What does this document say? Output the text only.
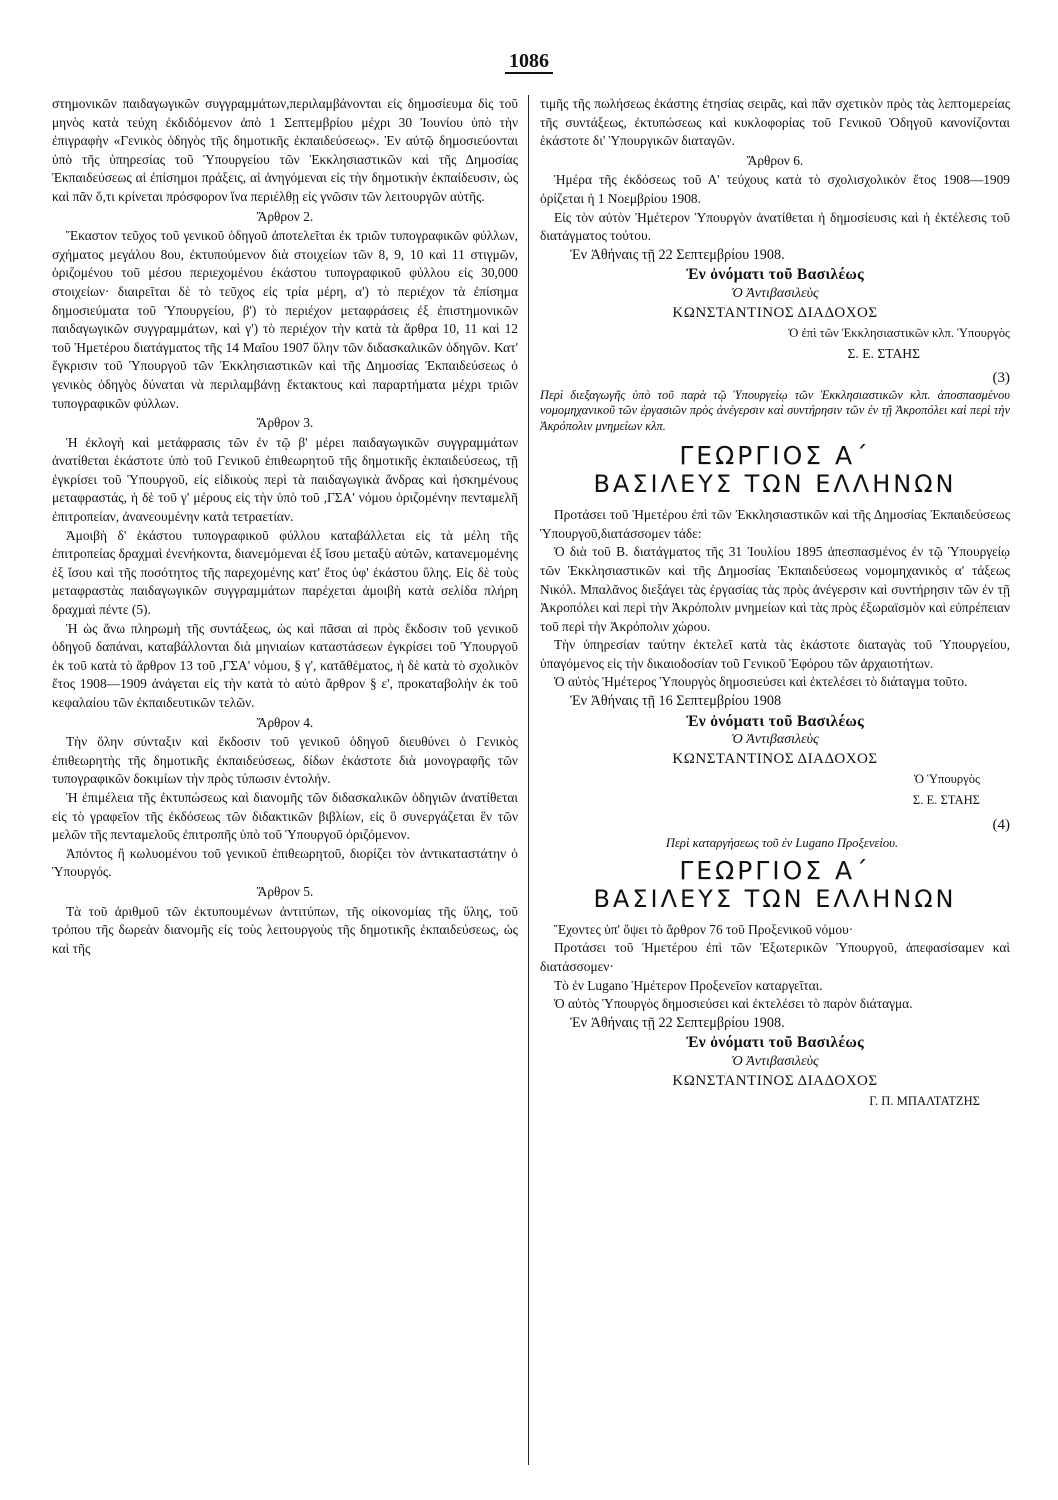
1086

στημονικῶν παιδαγωγικῶν συγγραμμάτων,περιλαμβάνονται εἰς δημοσίευμα δὶς τοῦ μηνὸς κατὰ τεύχη ἐκδιδόμενον ἀπὸ 1 Σεπτεμβρίου μέχρι 30 Ἰουνίου ὑπὸ τὴν ἐπιγραφὴν «Γενικὸς ὁδηγὸς τῆς δημοτικῆς ἐκπαιδεύσεως». Ἐν αὐτῷ δημοσιεύονται ὑπὸ τῆς ὑπηρεσίας τοῦ Ὑπουργείου τῶν Ἐκκλησιαστικῶν καὶ τῆς Δημοσίας Ἐκπαιδεύσεως αἱ ἐπίσημοι πράξεις, αἱ ἀνηγόμεναι εἰς τὴν δημοτικὴν ἐκπαίδευσιν, ὡς καὶ πᾶν ὅ,τι κρίνεται πρόσφορον ἵνα περιέλθῃ εἰς γνῶσιν τῶν λειτουργῶν αὐτῆς.

Ἄρθρον 2.

Ἕκαστον τεῦχος τοῦ γενικοῦ ὁδηγοῦ ἀποτελεῖται ἐκ τριῶν τυπογραφικῶν φύλλων, σχήματος μεγάλου 8ου, ἐκτυπούμενον διὰ στοιχείων τῶν 8, 9, 10 καὶ 11 στιγμῶν, ὁριζομένου τοῦ μέσου περιεχομένου ἑκάστου τυπογραφικοῦ φύλλου εἰς 30,000 στοιχείων· διαιρεῖται δὲ τὸ τεῦχος εἰς τρία μέρη, α') τὸ περιέχον τὰ ἐπίσημα δημοσιεύματα τοῦ Ὑπουργείου, β') τὸ περιέχον μεταφράσεις ἐξ ἐπιστημονικῶν παιδαγωγικῶν συγγραμμάτων, καὶ γ') τὸ περιέχον τὴν κατὰ τὰ ἄρθρα 10, 11 καὶ 12 τοῦ Ἡμετέρου διατάγματος τῆς 14 Μαΐου 1907 ὕλην τῶν διδασκαλικῶν ὁδηγῶν. Κατ' ἔγκρισιν τοῦ Ὑπουργοῦ τῶν Ἐκκλησιαστικῶν καὶ τῆς Δημοσίας Ἐκπαιδεύσεως ὁ γενικὸς ὁδηγὸς δύναται νὰ περιλαμβάνῃ ἔκτακτους καὶ παραρτήματα μέχρι τριῶν τυπογραφικῶν φύλλων.

Ἄρθρον 3.

Ἡ ἐκλογὴ καὶ μετάφρασις τῶν ἐν τῷ β' μέρει παιδαγωγικῶν συγγραμμάτων ἀνατίθεται ἑκάστοτε ὑπὸ τοῦ Γενικοῦ ἐπιθεωρητοῦ τῆς δημοτικῆς ἐκπαιδεύσεως, τῇ ἐγκρίσει τοῦ Ὑπουργοῦ, εἰς εἰδικοὺς περὶ τὰ παιδαγωγικὰ ἄνδρας καὶ ἠσκημένους μεταφραστάς, ἡ δὲ τοῦ γ' μέρους εἰς τὴν ὑπὸ τοῦ ,ΓΣΑ' νόμου ὁριζομένην πενταμελῆ ἐπιτροπείαν, ἀνανεουμένην κατὰ τετραετίαν.

Ἀμοιβὴ δ' ἑκάστου τυπογραφικοῦ φύλλου καταβάλλεται εἰς τὰ μέλη τῆς ἐπιτροπείας δραχμαὶ ἐνενήκοντα, διανεμόμεναι ἐξ ἴσου μεταξὺ αὐτῶν, κατανεμομένης ἐξ ἴσου καὶ τῆς ποσότητος τῆς παρεχομένης κατ' ἔτος ὑφ' ἑκάστου ὕλης. Εἰς δὲ τοὺς μεταφραστὰς παιδαγωγικῶν συγγραμμάτων παρέχεται ἀμοιβὴ κατὰ σελίδα πλήρη δραχμαὶ πέντε (5).

Ἡ ὡς ἄνω πληρωμὴ τῆς συντάξεως, ὡς καὶ πᾶσαι αἱ πρὸς ἔκδοσιν τοῦ γενικοῦ ὁδηγοῦ δαπάναι, καταβάλλονται διὰ μηνιαίων καταστάσεων ἐγκρίσει τοῦ Ὑπουργοῦ ἐκ τοῦ κατὰ τὸ ἄρθρον 13 τοῦ ,ΓΣΑ' νόμου, § γ', κατᾰθέματος, ἡ δὲ κατὰ τὸ σχολικὸν ἔτος 1908—1909 ἀνάγεται εἰς τὴν κατὰ τὸ αὐτὸ ἄρθρον § ε', προκαταβολὴν ἐκ τοῦ κεφαλαίου τῶν ἐκπαιδευτικῶν τελῶν.

Ἄρθρον 4.

Τὴν ὅλην σύνταξιν καὶ ἔκδοσιν τοῦ γενικοῦ ὁδηγοῦ διευθύνει ὁ Γενικὸς ἐπιθεωρητὴς τῆς δημοτικῆς ἐκπαιδεύσεως, δίδων ἑκάστοτε διὰ μονογραφῆς τῶν τυπογραφικῶν δοκιμίων τὴν πρὸς τύπωσιν ἐντολήν.

Ἡ ἐπιμέλεια τῆς ἐκτυπώσεως καὶ διανομῆς τῶν διδασκαλικῶν ὁδηγιῶν ἀνατίθεται εἰς τὸ γραφεῖον τῆς ἐκδόσεως τῶν διδακτικῶν βιβλίων, εἰς ὃ συνεργάζεται ἓν τῶν μελῶν τῆς πενταμελοῦς ἐπιτροπῆς ὑπὸ τοῦ Ὑπουργοῦ ὁριζόμενον.

Ἀπόντος ἢ κωλυομένου τοῦ γενικοῦ ἐπιθεωρητοῦ, διορίζει τὸν ἀντικαταστάτην ὁ Ὑπουργός.

Ἄρθρον 5.

Τὰ τοῦ ἀριθμοῦ τῶν ἐκτυπουμένων ἀντιτύπων, τῆς οἰκονομίας τῆς ὕλης, τοῦ τρόπου τῆς δωρεὰν διανομῆς εἰς τοὺς λειτουργοὺς τῆς δημοτικῆς ἐκπαιδεύσεως, ὡς καὶ τῆς

τιμῆς τῆς πωλήσεως ἑκάστης ἐτησίας σειρᾶς, καὶ πᾶν σχετικὸν πρὸς τὰς λεπτομερείας τῆς συντάξεως, ἐκτυπώσεως καὶ κυκλοφορίας τοῦ Γενικοῦ Ὁδηγοῦ κανονίζονται ἑκάστοτε δι' Ὑπουργικῶν διαταγῶν.

Ἄρθρον 6.

Ἡμέρα τῆς ἐκδόσεως τοῦ Α' τεύχους κατὰ τὸ σχολισχολικὸν ἔτος 1908—1909 ὁρίζεται ἡ 1 Νοεμβρίου 1908.

Εἰς τὸν αὐτὸν Ἡμέτερον Ὑπουργὸν ἀνατίθεται ἡ δημοσίευσις καὶ ἡ ἐκτέλεσις τοῦ διατάγματος τούτου.

Ἐν Ἀθήναις τῇ 22 Σεπτεμβρίου 1908.

Ἐν ὀνόματι τοῦ Βασιλέως
Ὁ Ἀντιβασιλεὺς
ΚΩΝΣΤΑΝΤΙΝΟΣ ΔΙΑΔΟΧΟΣ
Ὁ ἐπὶ τῶν Ἐκκλησιαστικῶν κλπ. Ὑπουργὸς
Σ. Ε. ΣΤΑΗΣ
(3)

Περὶ διεξαγωγῆς ὑπὸ τοῦ παρὰ τῷ Ὑπουργείῳ τῶν Ἐκκλησιαστικῶν κλπ. ἀποσπασμένου νομομηχανικοῦ τῶν ἐργασιῶν πρὸς ἀνέγερσιν καὶ συντήρησιν τῶν ἐν τῇ Ἀκροπόλει καὶ περὶ τὴν Ἀκρόπολιν μνημείων κλπ.

ΓΕΩΡΓΙΟΣ Α΄
ΒΑΣΙΛΕΥΣ ΤΩΝ ΕΛΛΗΝΩΝ

Προτάσει τοῦ Ἡμετέρου ἐπὶ τῶν Ἐκκλησιαστικῶν καὶ τῆς Δημοσίας Ἐκπαιδεύσεως Ὑπουργοῦ,διατάσσομεν τάδε:

Ὁ διὰ τοῦ Β. διατάγματος τῆς 31 Ἰουλίου 1895 ἀπεσπασμένος ἐν τῷ Ὑπουργείῳ τῶν Ἐκκλησιαστικῶν καὶ τῆς Δημοσίας Ἐκπαιδεύσεως νομομηχανικὸς α' τάξεως Νικόλ. Μπαλᾶνος διεξάγει τὰς ἐργασίας τὰς πρὸς ἀνέγερσιν καὶ συντήρησιν τῶν ἐν τῇ Ἀκροπόλει καὶ περὶ τὴν Ἀκρόπολιν μνημείων καὶ τὰς πρὸς ἐξωραϊσμὸν καὶ εὐπρέπειαν τοῦ περὶ τὴν Ἀκρόπολιν χώρου.

Τὴν ὑπηρεσίαν ταύτην ἐκτελεῖ κατὰ τὰς ἑκάστοτε διαταγὰς τοῦ Ὑπουργείου, ὑπαγόμενος εἰς τὴν δικαιοδοσίαν τοῦ Γενικοῦ Ἐφόρου τῶν ἀρχαιοτήτων.

Ὁ αὐτὸς Ἡμέτερος Ὑπουργὸς δημοσιεύσει καὶ ἐκτελέσει τὸ διάταγμα τοῦτο.

Ἐν Ἀθήναις τῇ 16 Σεπτεμβρίου 1908

Ἐν ὀνόματι τοῦ Βασιλέως
Ὁ Ἀντιβασιλεὺς
ΚΩΝΣΤΑΝΤΙΝΟΣ ΔΙΑΔΟΧΟΣ
Ὁ Ὑπουργὸς
Σ. Ε. ΣΤΑΗΣ
(4)

Περὶ καταργήσεως τοῦ ἐν Lugano Προξενείου.

ΓΕΩΡΓΙΟΣ Α΄
ΒΑΣΙΛΕΥΣ ΤΩΝ ΕΛΛΗΝΩΝ

Ἔχοντες ὑπ' ὄψει τὸ ἄρθρον 76 τοῦ Προξενικοῦ νόμου·

Προτάσει τοῦ Ἡμετέρου ἐπὶ τῶν Ἐξωτερικῶν Ὑπουργοῦ, ἀπεφασίσαμεν καὶ διατάσσομεν·

Τὸ ἐν Lugano Ἡμέτερον Προξενεῖον καταργεῖται.

Ὁ αὐτὸς Ὑπουργὸς δημοσιεύσει καὶ ἐκτελέσει τὸ παρὸν διάταγμα.

Ἐν Ἀθήναις τῇ 22 Σεπτεμβρίου 1908.

Ἐν ὀνόματι τοῦ Βασιλέως
Ὁ Ἀντιβασιλεὺς
ΚΩΝΣΤΑΝΤΙΝΟΣ ΔΙΑΔΟΧΟΣ
Γ. Π. ΜΠΑΛΤΑΤΖΗΣ
